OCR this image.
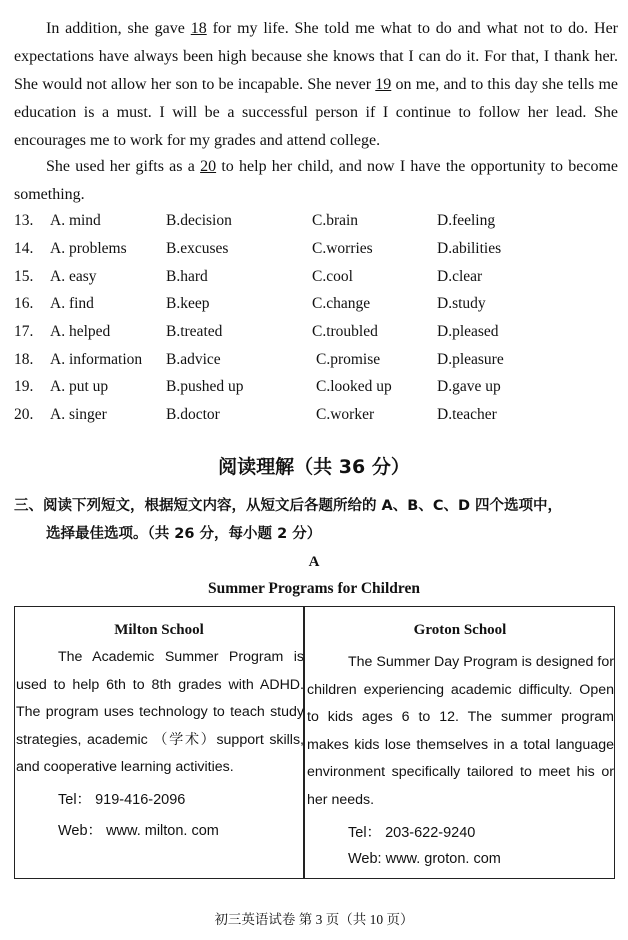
In addition, she gave 18 for my life. She told me what to do and what not to do. Her expectations have always been high because she knows that I can do it. For that, I thank her. She would not allow her son to be incapable. She never 19 on me, and to this day she tells me education is a must. I will be a successful person if I continue to follow her lead. She encourages me to work for my grades and attend college.
She used her gifts as a 20 to help her child, and now I have the opportunity to become something.
13. A. mind	B.decision	C.brain	D.feeling
14. A. problems	B.excuses	C.worries	D.abilities
15. A. easy	B.hard	C.cool	D.clear
16. A. find	B.keep	C.change	D.study
17. A. helped	B.treated	C.troubled	D.pleased
18. A. information B.advice	C.promise	D.pleasure
19. A. put up	B.pushed up	C.looked up	D.gave up
20. A. singer	B.doctor	C.worker	D.teacher
阅读理解（共 36 分）
三、阅读下列短文，根据短文内容，从短文后各题所给的 A、B、C、D 四个选项中，
选择最佳选项。（共 26 分，每小题 2 分）
A
Summer Programs for Children
Milton School
The Academic Summer Program is used to help 6th to 8th grades with ADHD. The program uses technology to teach study strategies, academic （学术）support skills, and cooperative learning activities.
Tel： 919-416-2096
Web： www. milton. com
Groton School
The Summer Day Program is designed for children experiencing academic difficulty. Open to kids ages 6 to 12. The summer program makes kids lose themselves in a total language environment specifically tailored to meet his or her needs.
Tel： 203-622-9240
Web: www. groton. com
初三英语试卷 第 3 页（共 10 页）
